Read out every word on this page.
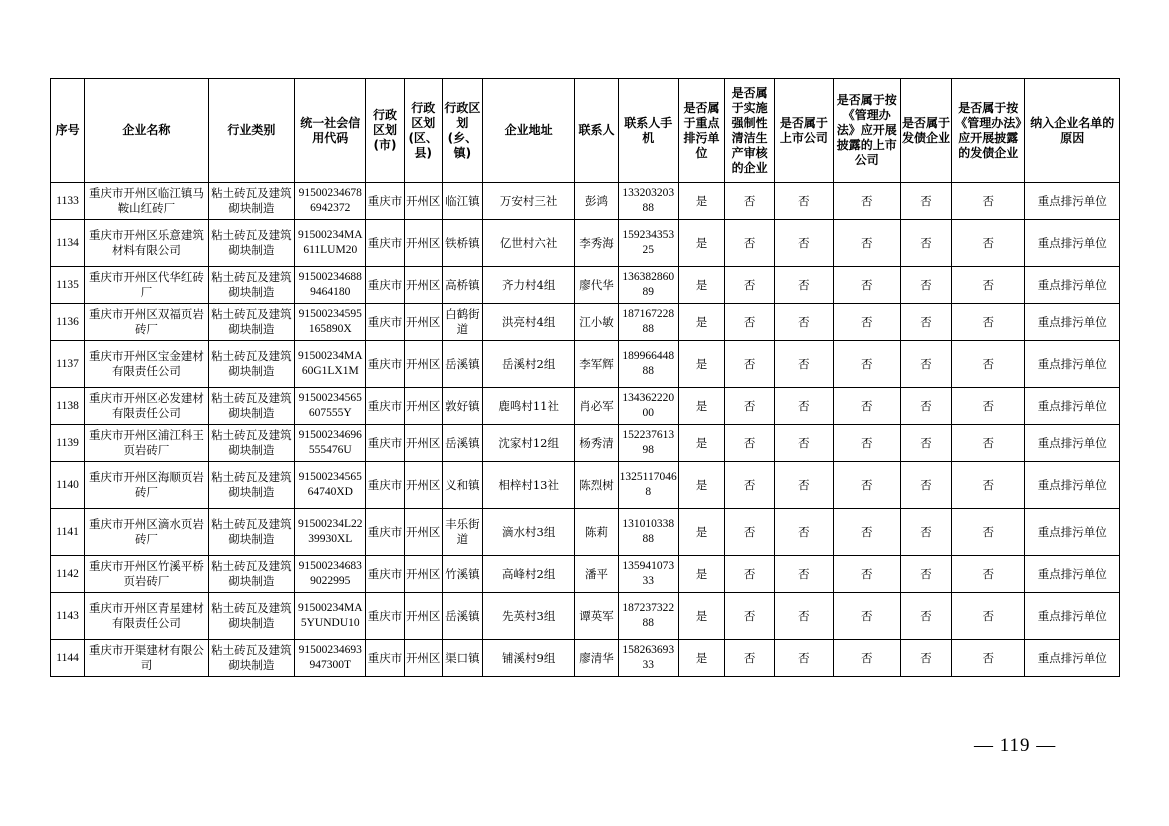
序号	企业名称	行业类别	统一社会信用代码	行政区划(市)	行政区划(区、县)	行政区划(乡、镇)	企业地址	联系人	联系人手机	是否属于重点排污单位	是否属于实施强制性清洁生产审核的企业	是否属于上市公司	是否属于按《管理办法》应开展披露的上市公司	是否属于发债企业	是否属于按《管理办法》应开展披露的发债企业	纳入企业名单的原因
1133	重庆市开州区临江镇马鞍山红砖厂	粘土砖瓦及建筑砌块制造	915002346786942372	重庆市	开州区	临江镇	万安村三社	彭鸿	13320320388	是	否	否	否	否	否	重点排污单位
1134	重庆市开州区乐意建筑材料有限公司	粘土砖瓦及建筑砌块制造	91500234MA611LUM20	重庆市	开州区	铁桥镇	亿世村六社	李秀海	15923435325	是	否	否	否	否	否	重点排污单位
1135	重庆市开州区代华红砖厂	粘土砖瓦及建筑砌块制造	915002346889464180	重庆市	开州区	高桥镇	齐力村4组	廖代华	13638286089	是	否	否	否	否	否	重点排污单位
1136	重庆市开州区双福页岩砖厂	粘土砖瓦及建筑砌块制造	91500234595165890X	重庆市	开州区	白鹤街道	洪亮村4组	江小敏	18716722888	是	否	否	否	否	否	重点排污单位
1137	重庆市开州区宝金建材有限责任公司	粘土砖瓦及建筑砌块制造	91500234MA60G1LX1M	重庆市	开州区	岳溪镇	岳溪村2组	李军辉	18996644888	是	否	否	否	否	否	重点排污单位
1138	重庆市开州区必发建材有限责任公司	粘土砖瓦及建筑砌块制造	91500234565607555Y	重庆市	开州区	敦好镇	鹿鸣村11社	肖必军	13436222000	是	否	否	否	否	否	重点排污单位
1139	重庆市开州区浦江科王页岩砖厂	粘土砖瓦及建筑砌块制造	91500234696555476U	重庆市	开州区	岳溪镇	沈家村12组	杨秀清	15223761398	是	否	否	否	否	否	重点排污单位
1140	重庆市开州区海顺页岩砖厂	粘土砖瓦及建筑砌块制造	9150023456564740XD	重庆市	开州区	义和镇	相梓村13社	陈烈树	13251170468	是	否	否	否	否	否	重点排污单位
1141	重庆市开州区滴水页岩砖厂	粘土砖瓦及建筑砌块制造	91500234L2239930XL	重庆市	开州区	丰乐街道	滴水村3组	陈莉	13101033888	是	否	否	否	否	否	重点排污单位
1142	重庆市开州区竹溪平桥页岩砖厂	粘土砖瓦及建筑砌块制造	915002346839022995	重庆市	开州区	竹溪镇	高峰村2组	潘平	13594107333	是	否	否	否	否	否	重点排污单位
1143	重庆市开州区青星建材有限责任公司	粘土砖瓦及建筑砌块制造	91500234MA5YUNDU10	重庆市	开州区	岳溪镇	先英村3组	谭英军	18723732288	是	否	否	否	否	否	重点排污单位
1144	重庆市开渠建材有限公司	粘土砖瓦及建筑砌块制造	91500234693947300T	重庆市	开州区	渠口镇	铺溪村9组	廖清华	15826369333	是	否	否	否	否	否	重点排污单位
— 119 —
